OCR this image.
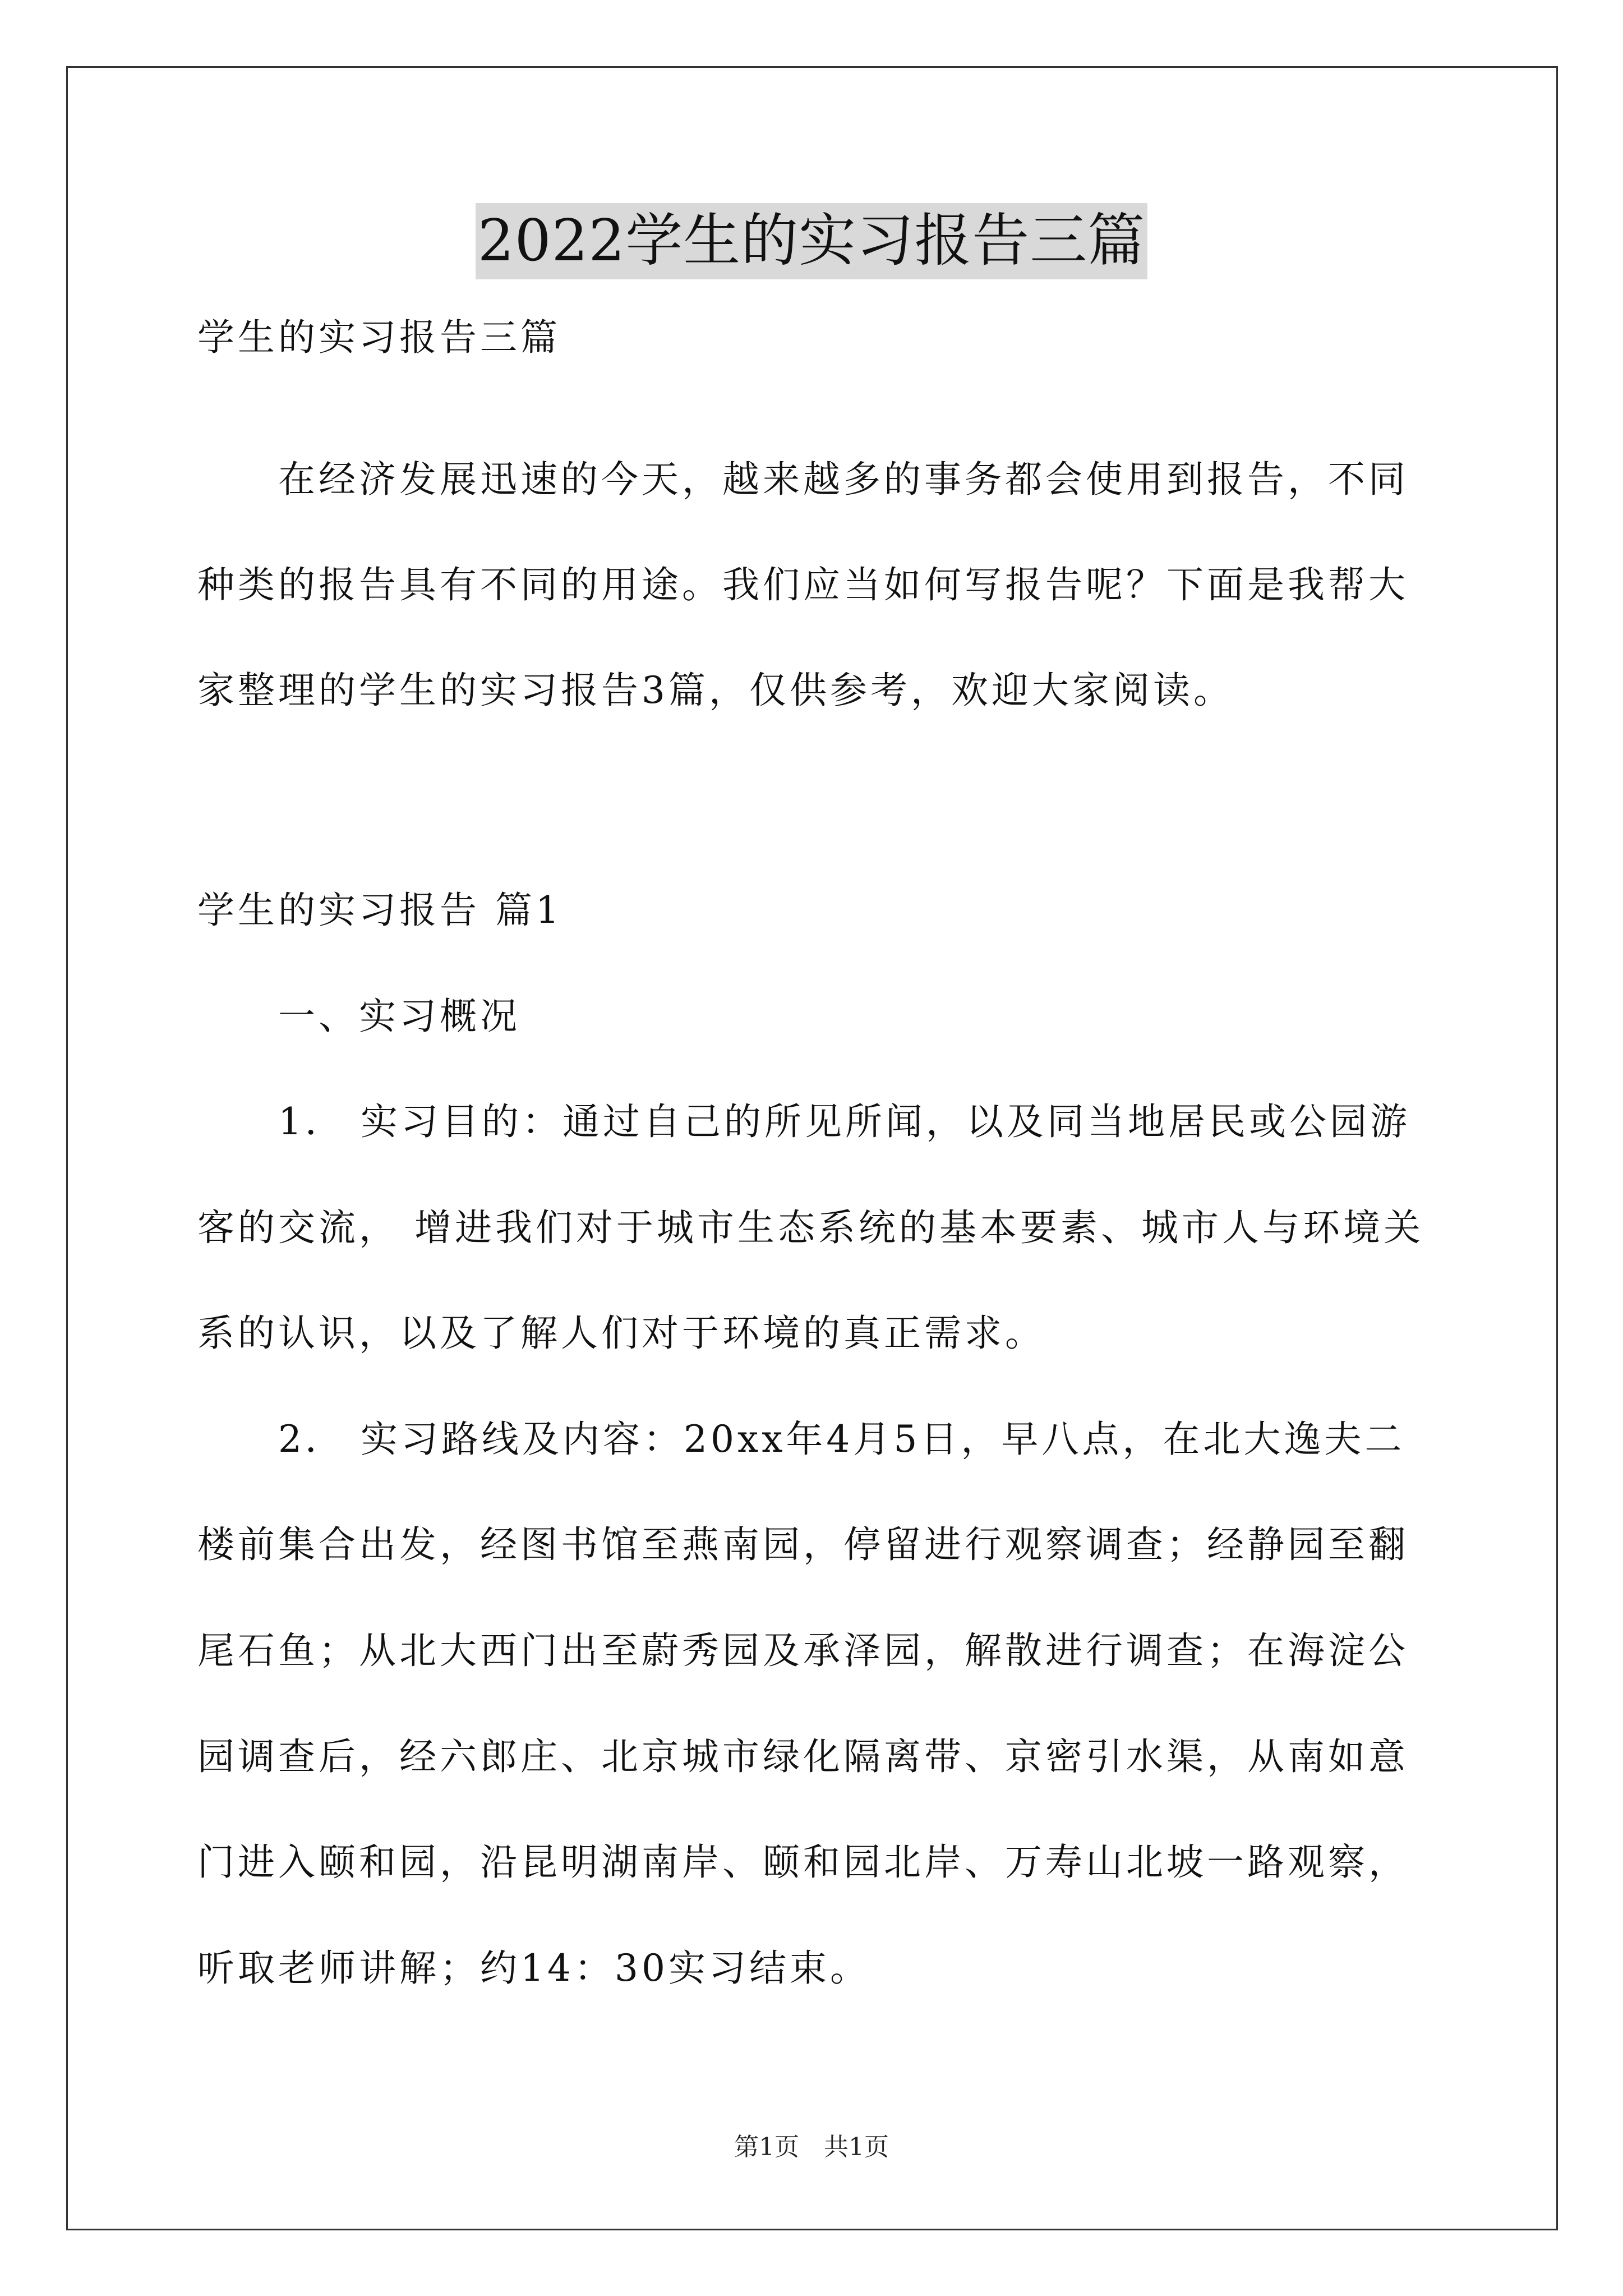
2022学生的实习报告三篇
学生的实习报告三篇
在经济发展迅速的今天，越来越多的事务都会使用到报告，不同
种类的报告具有不同的用途。我们应当如何写报告呢？下面是我帮大
家整理的学生的实习报告3篇，仅供参考，欢迎大家阅读。
学生的实习报告 篇1
一、实习概况
1． 实习目的：通过自己的所见所闻，以及同当地居民或公园游
客的交流， 增进我们对于城市生态系统的基本要素、城市人与环境关
系的认识，以及了解人们对于环境的真正需求。
2． 实习路线及内容：20xx年4月5日，早八点，在北大逸夫二
楼前集合出发，经图书馆至燕南园，停留进行观察调查；经静园至翻
尾石鱼；从北大西门出至蔚秀园及承泽园，解散进行调查；在海淀公
园调查后，经六郎庄、北京城市绿化隔离带、京密引水渠，从南如意
门进入颐和园，沿昆明湖南岸、颐和园北岸、万寿山北坡一路观察，
听取老师讲解；约14：30实习结束。
第1页　共1页
